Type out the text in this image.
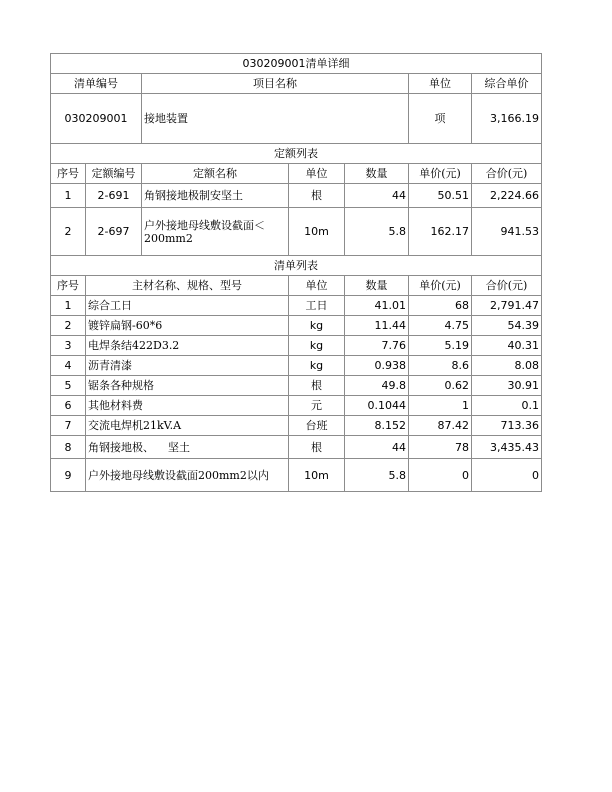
030209001清单详细						
清单编号		项目名称			单位	综合单价
030209001		接地装置			项	3,166.19
定额列表						
序号	定额编号	定额名称	单位	数量	单价(元)	合价(元)
1	2-691	角钢接地极制安坚土	根	44	50.51	2,224.66
2	2-697	户外接地母线敷设截面＜200mm2	10m	5.8	162.17	941.53
清单列表						
序号	主材名称、规格、型号		单位	数量	单价(元)	合价(元)
1	综合工日		工日	41.01	68	2,791.47
2	镀锌扁钢-60*6		kg	11.44	4.75	54.39
3	电焊条结422D3.2		kg	7.76	5.19	40.31
4	沥青清漆		kg	0.938	8.6	8.08
5	锯条各种规格		根	49.8	0.62	30.91
6	其他材料费		元	0.1044	1	0.1
7	交流电焊机21kV.A		台班	8.152	87.42	713.36
8	角钢接地极、    坚土		根	44	78	3,435.43
9	户外接地母线敷设截面200mm2以内		10m	5.8	0	0
